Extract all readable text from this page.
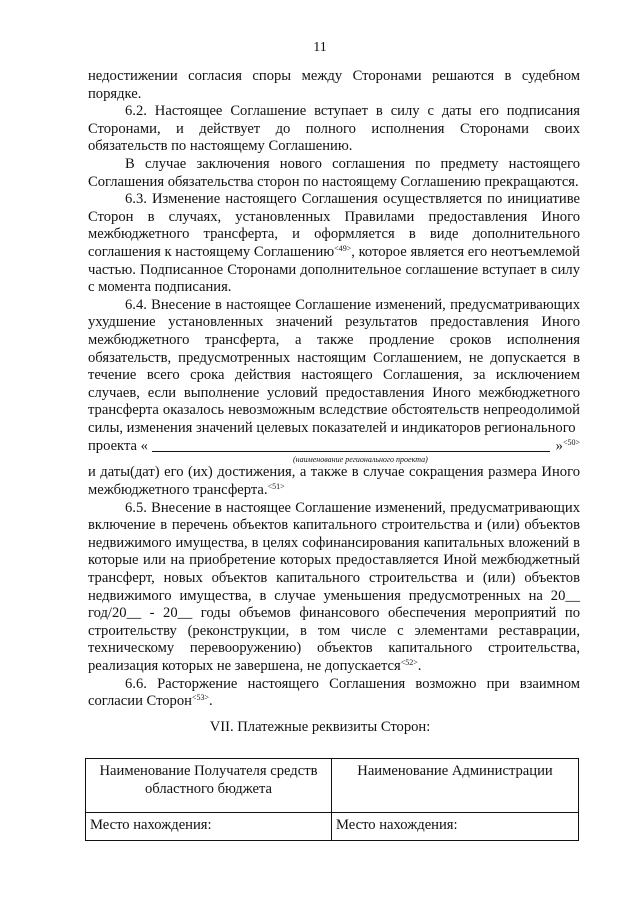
11

недостижении согласия споры между Сторонами решаются в судебном порядке.

6.2. Настоящее Соглашение вступает в силу с даты его подписания Сторонами, и действует до полного исполнения Сторонами своих обязательств по настоящему Соглашению.

В случае заключения нового соглашения по предмету настоящего Соглашения обязательства сторон по настоящему Соглашению прекращаются.

6.3. Изменение настоящего Соглашения осуществляется по инициативе Сторон в случаях, установленных Правилами предоставления Иного межбюджетного трансферта, и оформляется в виде дополнительного соглашения к настоящему Соглашению$^{<49>}$, которое является его неотъемлемой частью. Подписанное Сторонами дополнительное соглашение вступает в силу с момента подписания.

6.4. Внесение в настоящее Соглашение изменений, предусматривающих ухудшение установленных значений результатов предоставления Иного межбюджетного трансферта, а также продление сроков исполнения обязательств, предусмотренных настоящим Соглашением, не допускается в течение всего срока действия настоящего Соглашения, за исключением случаев, если выполнение условий предоставления Иного межбюджетного трансферта оказалось невозможным вследствие обстоятельств непреодолимой силы, изменения значений целевых показателей и индикаторов регионального

проекта «	»$^{<50>}$

(наименование регионального проекта)

и даты(дат) его (их) достижения, а также в случае сокращения размера Иного межбюджетного трансферта.$^{<51>}$

6.5. Внесение в настоящее Соглашение изменений, предусматривающих включение в перечень объектов капитального строительства и (или) объектов недвижимого имущества, в целях софинансирования капитальных вложений в которые или на приобретение которых предоставляется Иной межбюджетный трансферт, новых объектов капитального строительства и (или) объектов недвижимого имущества, в случае уменьшения предусмотренных на 20__ год/20__ - 20__ годы объемов финансового обеспечения мероприятий по строительству (реконструкции, в том числе с элементами реставрации, техническому перевооружению) объектов капитального строительства, реализация которых не завершена, не допускается$^{<52>}$.

6.6. Расторжение настоящего Соглашения возможно при взаимном согласии Сторон$^{<53>}$.

VII. Платежные реквизиты Сторон:
Наименование Получателя средств областного бюджета	Наименование Администрации
Место нахождения:	Место нахождения:
